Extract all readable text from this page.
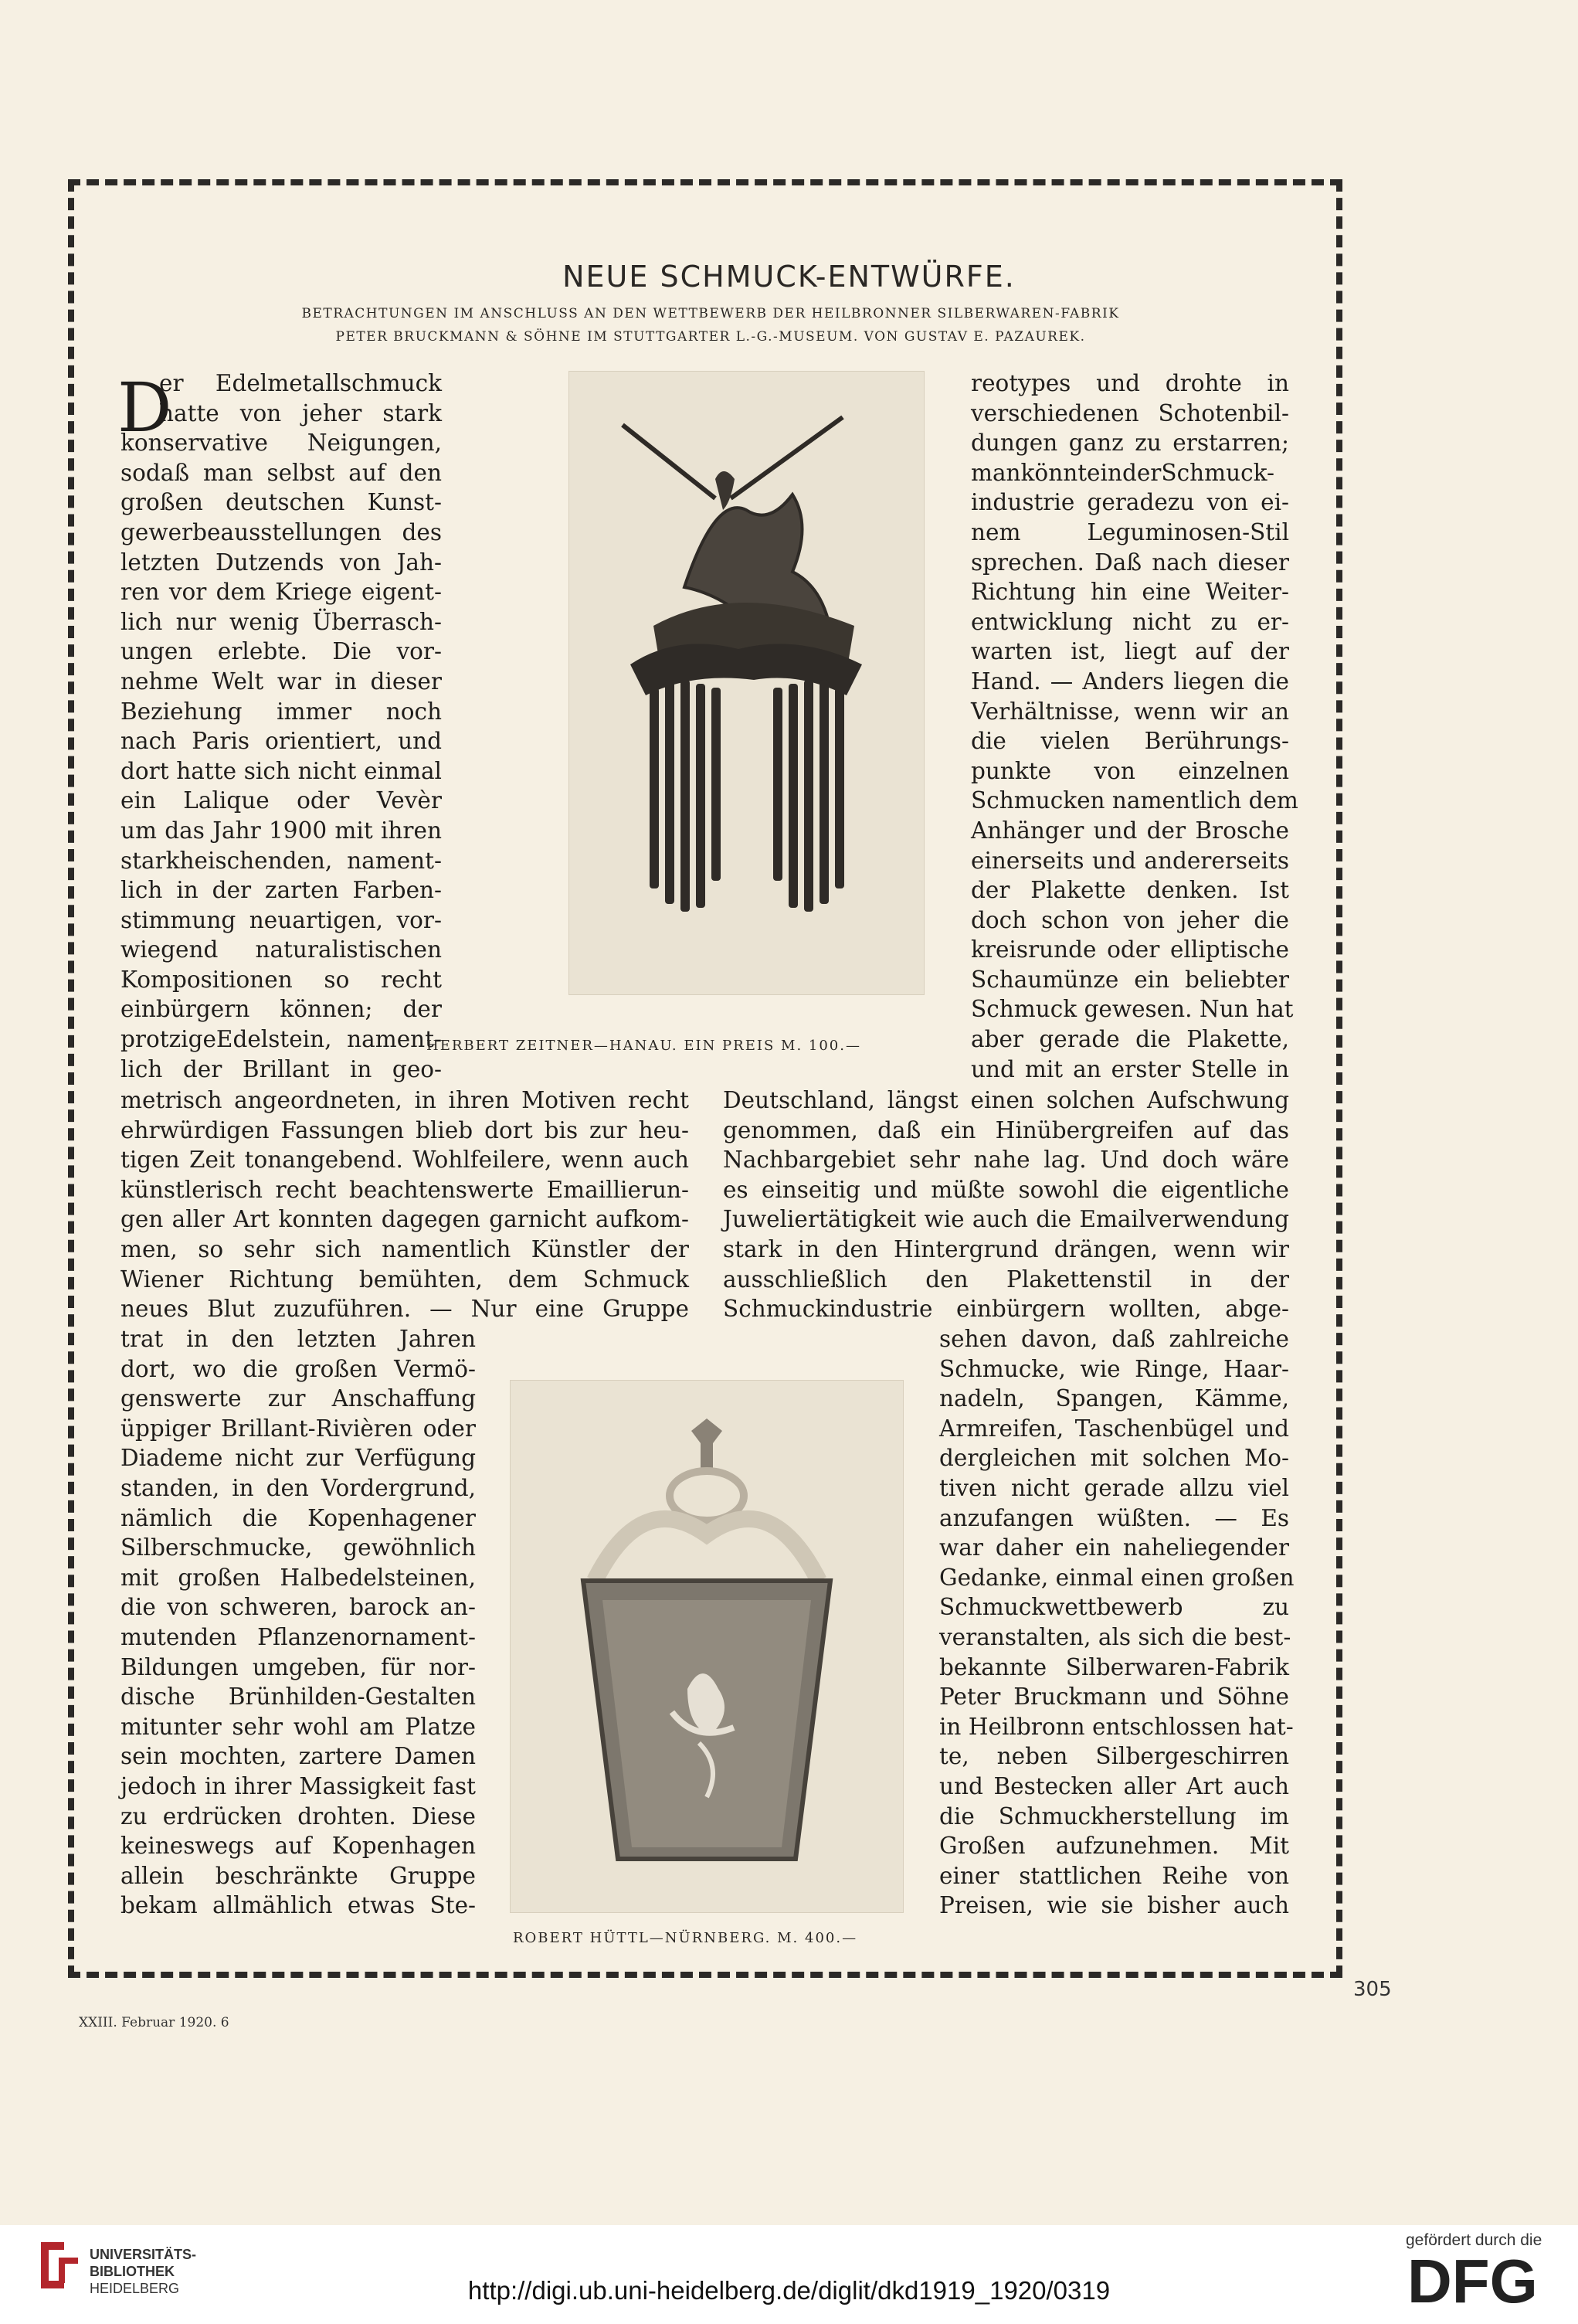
NEUE SCHMUCK-ENTWÜRFE.
BETRACHTUNGEN IM ANSCHLUSS AN DEN WETTBEWERB DER HEILBRONNER SILBERWAREN-FABRIK
PETER BRUCKMANN & SÖHNE IM STUTTGARTER L.-G.-MUSEUM. VON GUSTAV E. PAZAUREK.
D
er Edelmetallschmuck
hatte von jeher stark
konservative Neigungen,
sodaß man selbst auf den
großen deutschen Kunst-
gewerbeausstellungen des
letzten Dutzends von Jah-
ren vor dem Kriege eigent-
lich nur wenig Überrasch-
ungen erlebte. Die vor-
nehme Welt war in dieser
Beziehung immer noch
nach Paris orientiert, und
dort hatte sich nicht einmal
ein Lalique oder Vevèr
um das Jahr 1900 mit ihren
starkheischenden, nament-
lich in der zarten Farben-
stimmung neuartigen, vor-
wiegend naturalistischen
Kompositionen so recht
einbürgern können; der
protzigeEdelstein, nament-
lich der Brillant in geo-
reotypes und drohte in
verschiedenen Schotenbil-
dungen ganz zu erstarren;
mankönnteinderSchmuck-
industrie geradezu von ei-
nem Leguminosen-Stil
sprechen. Daß nach dieser
Richtung hin eine Weiter-
entwicklung nicht zu er-
warten ist, liegt auf der
Hand. — Anders liegen die
Verhältnisse, wenn wir an
die vielen Berührungs-
punkte von einzelnen
Schmucken namentlich dem
Anhänger und der Brosche
einerseits und andererseits
der Plakette denken. Ist
doch schon von jeher die
kreisrunde oder elliptische
Schaumünze ein beliebter
Schmuck gewesen. Nun hat
aber gerade die Plakette,
und mit an erster Stelle in
HERBERT ZEITNER—HANAU. EIN PREIS M. 100.—
metrisch angeordneten, in ihren Motiven recht
ehrwürdigen Fassungen blieb dort bis zur heu-
tigen Zeit tonangebend. Wohlfeilere, wenn auch
künstlerisch recht beachtenswerte Emaillierun-
gen aller Art konnten dagegen garnicht aufkom-
men, so sehr sich namentlich Künstler der
Wiener Richtung bemühten, dem Schmuck
neues Blut zuzuführen. — Nur eine Gruppe
Deutschland, längst einen solchen Aufschwung
genommen, daß ein Hinübergreifen auf das
Nachbargebiet sehr nahe lag. Und doch wäre
es einseitig und müßte sowohl die eigentliche
Juweliertätigkeit wie auch die Emailverwendung
stark in den Hintergrund drängen, wenn wir
ausschließlich den Plakettenstil in der
Schmuckindustrie einbürgern wollten, abge-
trat in den letzten Jahren
dort, wo die großen Vermö-
genswerte zur Anschaffung
üppiger Brillant-Rivièren oder
Diademe nicht zur Verfügung
standen, in den Vordergrund,
nämlich die Kopenhagener
Silberschmucke, gewöhnlich
mit großen Halbedelsteinen,
die von schweren, barock an-
mutenden Pflanzenornament-
Bildungen umgeben, für nor-
dische Brünhilden-Gestalten
mitunter sehr wohl am Platze
sein mochten, zartere Damen
jedoch in ihrer Massigkeit fast
zu erdrücken drohten. Diese
keineswegs auf Kopenhagen
allein beschränkte Gruppe
bekam allmählich etwas Ste-
sehen davon, daß zahlreiche
Schmucke, wie Ringe, Haar-
nadeln, Spangen, Kämme,
Armreifen, Taschenbügel und
dergleichen mit solchen Mo-
tiven nicht gerade allzu viel
anzufangen wüßten. — Es
war daher ein naheliegender
Gedanke, einmal einen großen
Schmuckwettbewerb zu
veranstalten, als sich die best-
bekannte Silberwaren-Fabrik
Peter Bruckmann und Söhne
in Heilbronn entschlossen hat-
te, neben Silbergeschirren
und Bestecken aller Art auch
die Schmuckherstellung im
Großen aufzunehmen. Mit
einer stattlichen Reihe von
Preisen, wie sie bisher auch
ROBERT HÜTTL—NÜRNBERG. M. 400.—
305
XXIII. Februar 1920. 6
UNIVERSITÄTS-
BIBLIOTHEK
HEIDELBERG	http://digi.ub.uni-heidelberg.de/diglit/dkd1919_1920/0319
gefördert durch die
DFG
